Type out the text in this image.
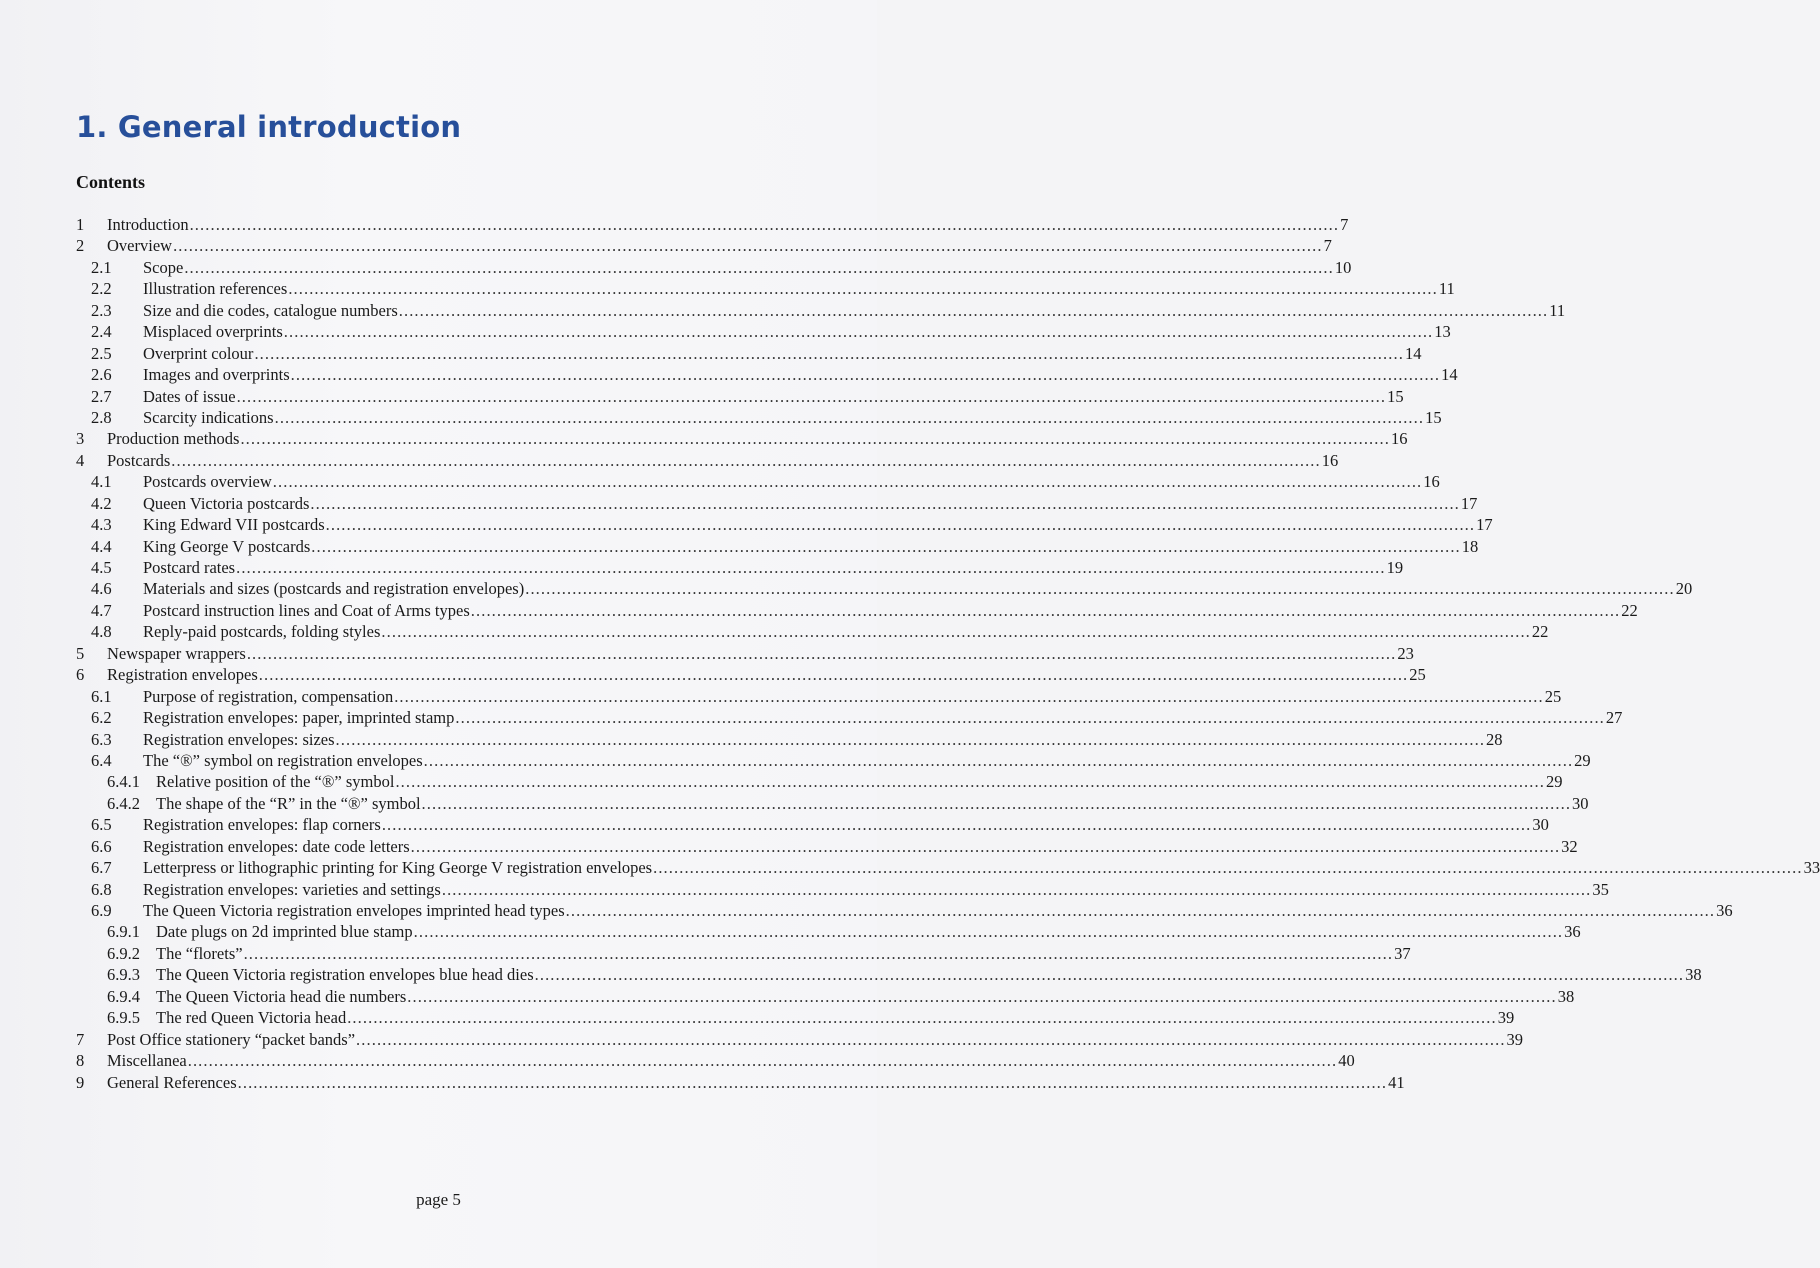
1. General introduction
Contents
1 Introduction ............................................................................................................................................................................................................................ 7
2 Overview ............................................................................................................................................................................................................................ 7
2.1 Scope ............................................................................................................................................................................................................................ 10
2.2 Illustration references ............................................................................................................................................................................................................................ 11
2.3 Size and die codes, catalogue numbers ............................................................................................................................................................................................................................ 11
2.4 Misplaced overprints ............................................................................................................................................................................................................................ 13
2.5 Overprint colour ............................................................................................................................................................................................................................ 14
2.6 Images and overprints ............................................................................................................................................................................................................................ 14
2.7 Dates of issue ............................................................................................................................................................................................................................ 15
2.8 Scarcity indications ............................................................................................................................................................................................................................ 15
3 Production methods ............................................................................................................................................................................................................................ 16
4 Postcards ............................................................................................................................................................................................................................ 16
4.1 Postcards overview ............................................................................................................................................................................................................................ 16
4.2 Queen Victoria postcards ............................................................................................................................................................................................................................ 17
4.3 King Edward VII postcards ............................................................................................................................................................................................................................ 17
4.4 King George V postcards ............................................................................................................................................................................................................................ 18
4.5 Postcard rates ............................................................................................................................................................................................................................ 19
4.6 Materials and sizes (postcards and registration envelopes) ............................................................................................................................................................................................................................ 20
4.7 Postcard instruction lines and Coat of Arms types ............................................................................................................................................................................................................................ 22
4.8 Reply-paid postcards, folding styles ............................................................................................................................................................................................................................ 22
5 Newspaper wrappers ............................................................................................................................................................................................................................ 23
6 Registration envelopes ............................................................................................................................................................................................................................ 25
6.1 Purpose of registration, compensation ............................................................................................................................................................................................................................ 25
6.2 Registration envelopes: paper, imprinted stamp ............................................................................................................................................................................................................................ 27
6.3 Registration envelopes: sizes ............................................................................................................................................................................................................................ 28
6.4 The “®” symbol on registration envelopes ............................................................................................................................................................................................................................ 29
6.4.1 Relative position of the “®” symbol ............................................................................................................................................................................................................................ 29
6.4.2 The shape of the “R” in the “®” symbol ............................................................................................................................................................................................................................ 30
6.5 Registration envelopes: flap corners ............................................................................................................................................................................................................................ 30
6.6 Registration envelopes: date code letters ............................................................................................................................................................................................................................ 32
6.7 Letterpress or lithographic printing for King George V registration envelopes ............................................................................................................................................................................................................................ 33
6.8 Registration envelopes: varieties and settings ............................................................................................................................................................................................................................ 35
6.9 The Queen Victoria registration envelopes imprinted head types ............................................................................................................................................................................................................................ 36
6.9.1 Date plugs on 2d imprinted blue stamp ............................................................................................................................................................................................................................ 36
6.9.2 The “florets” ............................................................................................................................................................................................................................ 37
6.9.3 The Queen Victoria registration envelopes blue head dies ............................................................................................................................................................................................................................ 38
6.9.4 The Queen Victoria head die numbers ............................................................................................................................................................................................................................ 38
6.9.5 The red Queen Victoria head ............................................................................................................................................................................................................................ 39
7 Post Office stationery “packet bands” ............................................................................................................................................................................................................................ 39
8 Miscellanea ............................................................................................................................................................................................................................ 40
9 General References ............................................................................................................................................................................................................................ 41
page 5
